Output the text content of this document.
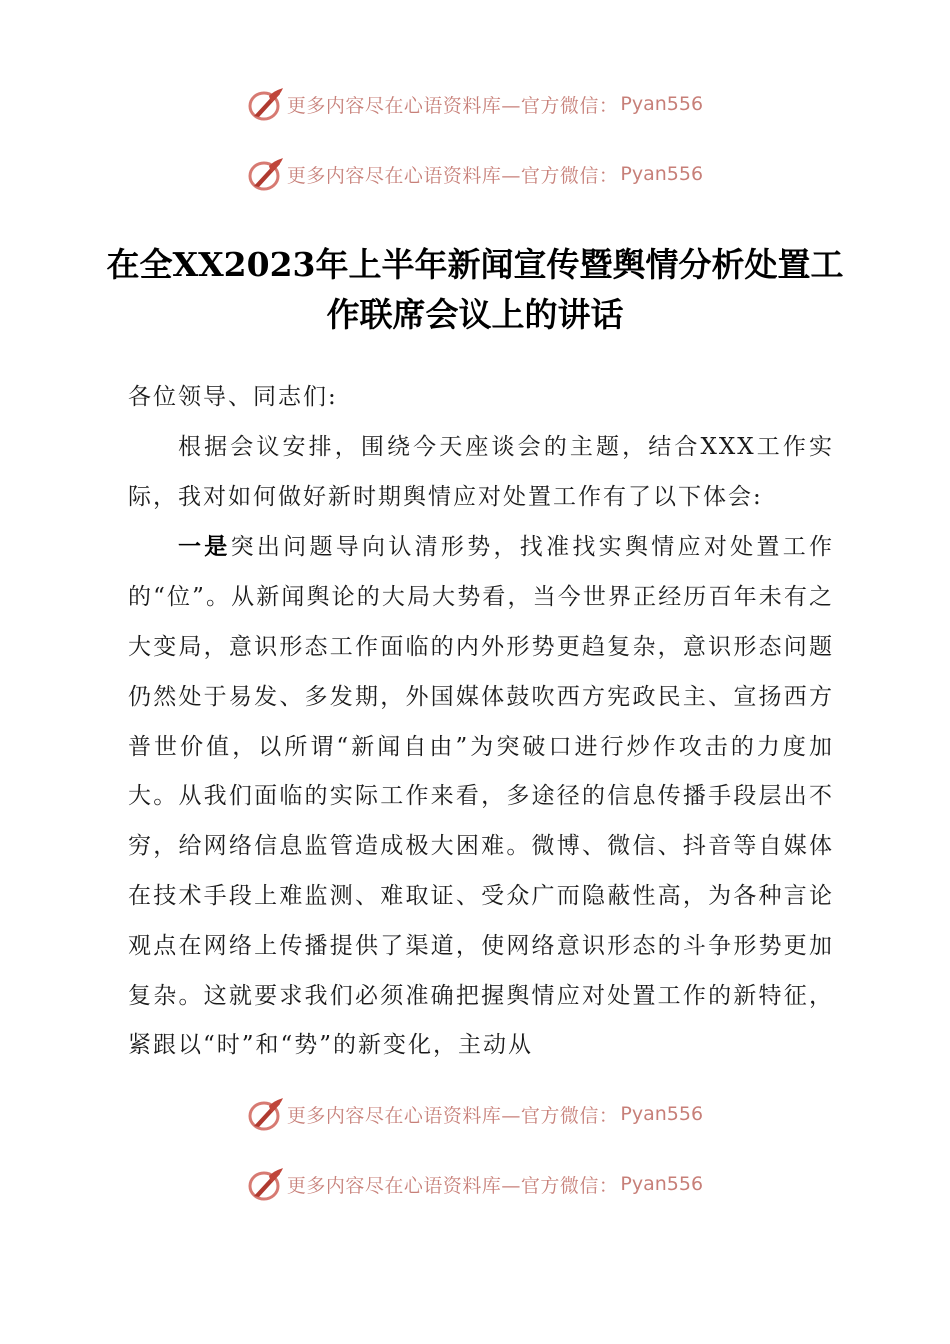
更多内容尽在心语资料库—官方微信： Pyan556
更多内容尽在心语资料库—官方微信： Pyan556
在全XX2023年上半年新闻宣传暨舆情分析处置工作联席会议上的讲话

各位领导、同志们:

根据会议安排，围绕今天座谈会的主题，结合XXX工作实际，我对如何做好新时期舆情应对处置工作有了以下体会:

一是突出问题导向认清形势，找准找实舆情应对处置工作的“位”。从新闻舆论的大局大势看，当今世界正经历百年未有之大变局，意识形态工作面临的内外形势更趋复杂，意识形态问题仍然处于易发、多发期，外国媒体鼓吹西方宪政民主、宣扬西方普世价值，以所谓“新闻自由”为突破口进行炒作攻击的力度加大。从我们面临的实际工作来看，多途径的信息传播手段层出不穷，给网络信息监管造成极大困难。微博、微信、抖音等自媒体在技术手段上难监测、难取证、受众广而隐蔽性高，为各种言论观点在网络上传播提供了渠道，使网络意识形态的斗争形势更加复杂。这就要求我们必须准确把握舆情应对处置工作的新特征，紧跟以“时”和“势”的新变化，主动从

更多内容尽在心语资料库—官方微信： Pyan556
更多内容尽在心语资料库—官方微信： Pyan556
